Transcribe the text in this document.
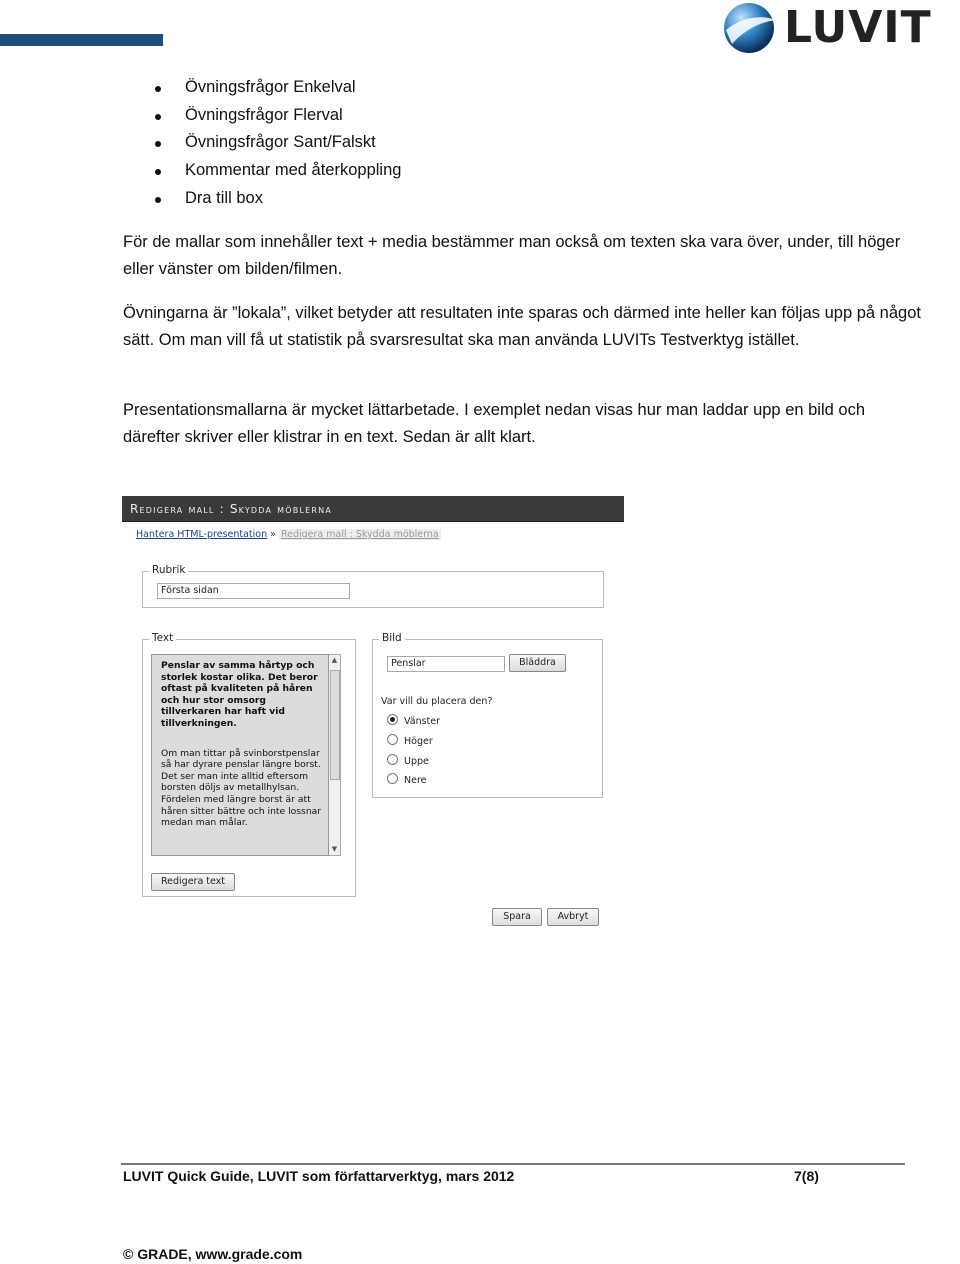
LUVIT
Övningsfrågor Enkelval
Övningsfrågor Flerval
Övningsfrågor Sant/Falskt
Kommentar med återkoppling
Dra till box

För de mallar som innehåller text + media bestämmer man också om texten ska vara över, under, till höger eller vänster om bilden/filmen.

Övningarna är ”lokala”, vilket betyder att resultaten inte sparas och därmed inte heller kan följas upp på något sätt. Om man vill få ut statistik på svarsresultat ska man använda LUVITs Testverktyg istället.

Presentationsmallarna är mycket lättarbetade. I exemplet nedan visas hur man laddar upp en bild och därefter skriver eller klistrar in en text. Sedan är allt klart.

Redigera mall : Skydda möblerna
Hantera HTML-presentation » Redigera mall : Skydda möblerna
Rubrik
Första sidan
Text
Penslar av samma hårtyp och storlek kostar olika. Det beror oftast på kvaliteten på håren och hur stor omsorg tillverkaren har haft vid tillverkningen.
Om man tittar på svinborstpenslar så har dyrare penslar längre borst. Det ser man inte alltid eftersom borsten döljs av metallhylsan. Fördelen med längre borst är att håren sitter bättre och inte lossnar medan man målar.
▲
▼
Redigera text
Bild
Penslar	Bläddra
Var vill du placera den?
Vänster
Höger
Uppe
Nere
Spara	Avbryt
LUVIT Quick Guide, LUVIT som författarverktyg, mars 2012	7(8)
© GRADE, www.grade.com
